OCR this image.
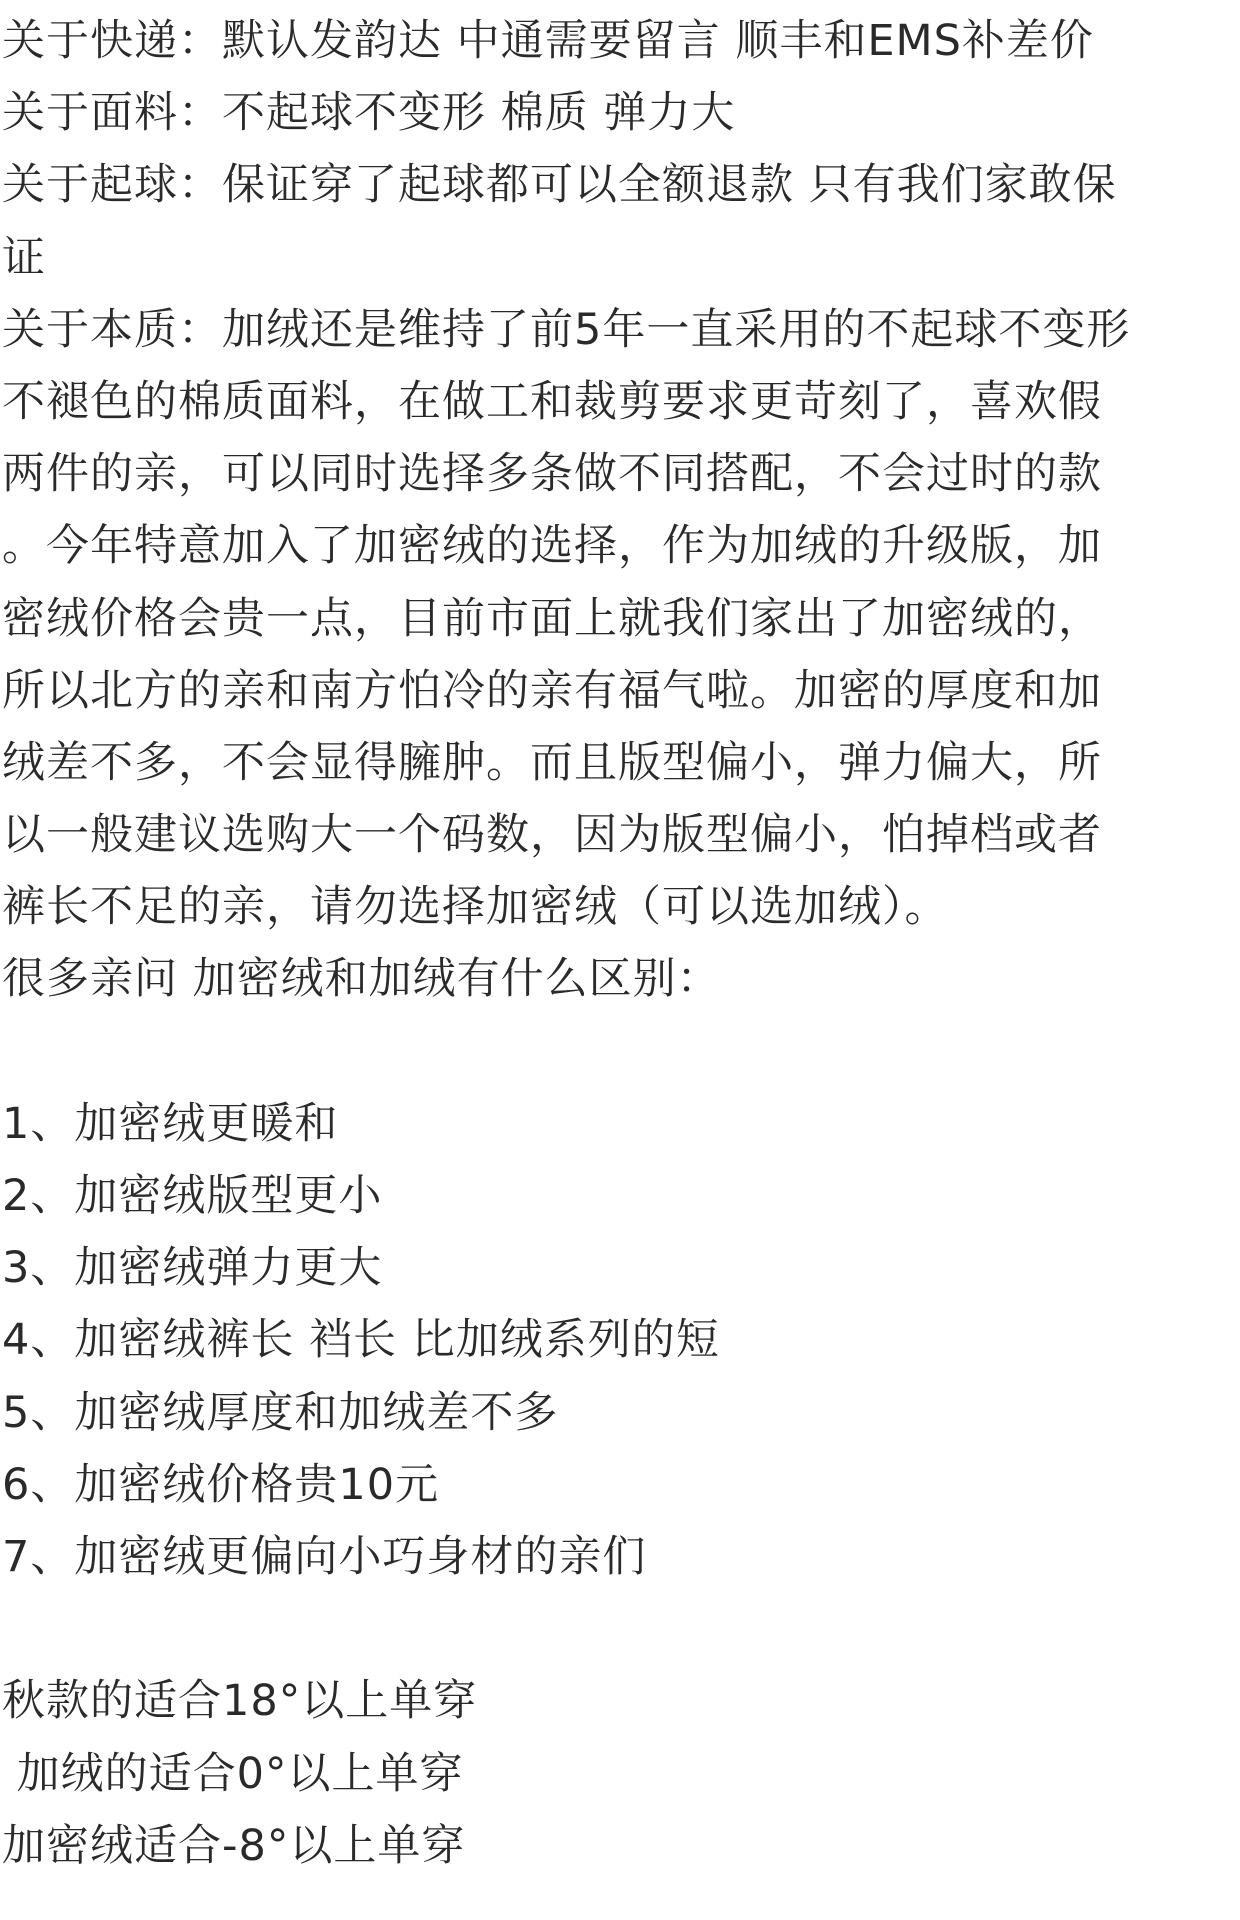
关于快递：默认发韵达 中通需要留言 顺丰和EMS补差价
关于面料：不起球不变形 棉质 弹力大
关于起球：保证穿了起球都可以全额退款 只有我们家敢保
证
关于本质：加绒还是维持了前5年一直采用的不起球不变形
不褪色的棉质面料，在做工和裁剪要求更苛刻了，喜欢假
两件的亲，可以同时选择多条做不同搭配，不会过时的款
。今年特意加入了加密绒的选择，作为加绒的升级版，加
密绒价格会贵一点，目前市面上就我们家出了加密绒的，
所以北方的亲和南方怕冷的亲有福气啦。加密的厚度和加
绒差不多，不会显得臃肿。而且版型偏小，弹力偏大，所
以一般建议选购大一个码数，因为版型偏小，怕掉档或者
裤长不足的亲，请勿选择加密绒（可以选加绒）。
很多亲问 加密绒和加绒有什么区别：
1、加密绒更暖和
2、加密绒版型更小
3、加密绒弹力更大
4、加密绒裤长 裆长 比加绒系列的短
5、加密绒厚度和加绒差不多
6、加密绒价格贵10元
7、加密绒更偏向小巧身材的亲们
秋款的适合18°以上单穿
加绒的适合0°以上单穿
加密绒适合-8°以上单穿
